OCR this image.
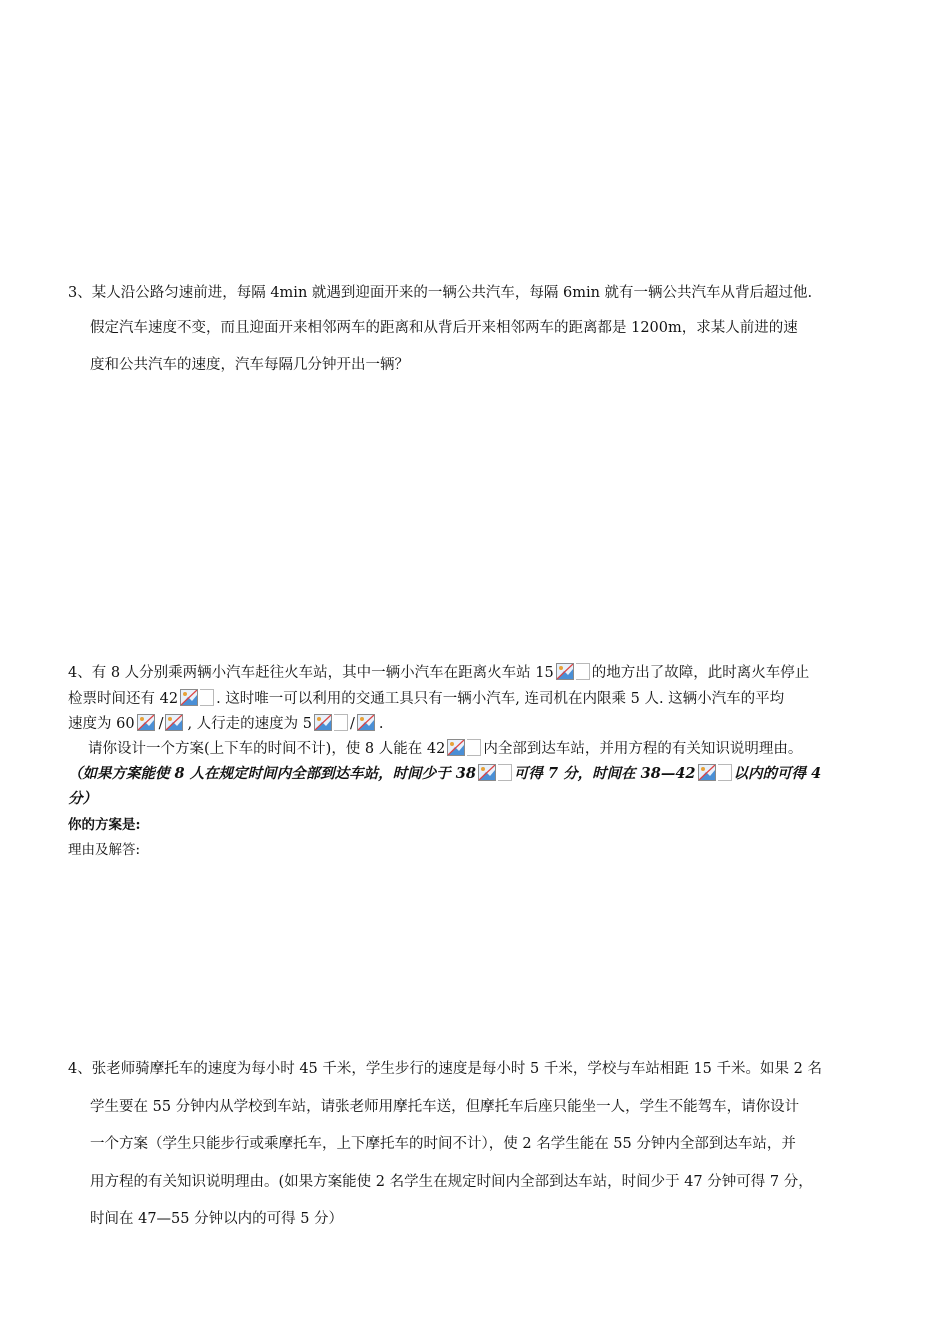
3、某人沿公路匀速前进，每隔 4min 就遇到迎面开来的一辆公共汽车，每隔 6min 就有一辆公共汽车从背后超过他.
假定汽车速度不变，而且迎面开来相邻两车的距离和从背后开来相邻两车的距离都是 1200m，求某人前进的速
度和公共汽车的速度，汽车每隔几分钟开出一辆？
4、有 8 人分别乘两辆小汽车赶往火车站，其中一辆小汽车在距离火车站 15	的地方出了故障，此时离火车停止
检票时间还有 42	. 这时唯一可以利用的交通工具只有一辆小汽车, 连司机在内限乘 5 人. 这辆小汽车的平均
速度为 60 / , 人行走的速度为 5	/ .
请你设计一个方案(上下车的时间不计)，使 8 人能在 42	内全部到达车站，并用方程的有关知识说明理由。
（如果方案能使 8 人在规定时间内全部到达车站，时间少于 38	可得 7 分，时间在 38—42	以内的可得 4
分）
你的方案是:
理由及解答:
4、张老师骑摩托车的速度为每小时 45 千米，学生步行的速度是每小时 5 千米，学校与车站相距 15 千米。如果 2 名
学生要在 55 分钟内从学校到车站，请张老师用摩托车送，但摩托车后座只能坐一人，学生不能驾车，请你设计
一个方案（学生只能步行或乘摩托车，上下摩托车的时间不计），使 2 名学生能在 55 分钟内全部到达车站，并
用方程的有关知识说明理由。(如果方案能使 2 名学生在规定时间内全部到达车站，时间少于 47 分钟可得 7 分，
时间在 47—55 分钟以内的可得 5 分）
